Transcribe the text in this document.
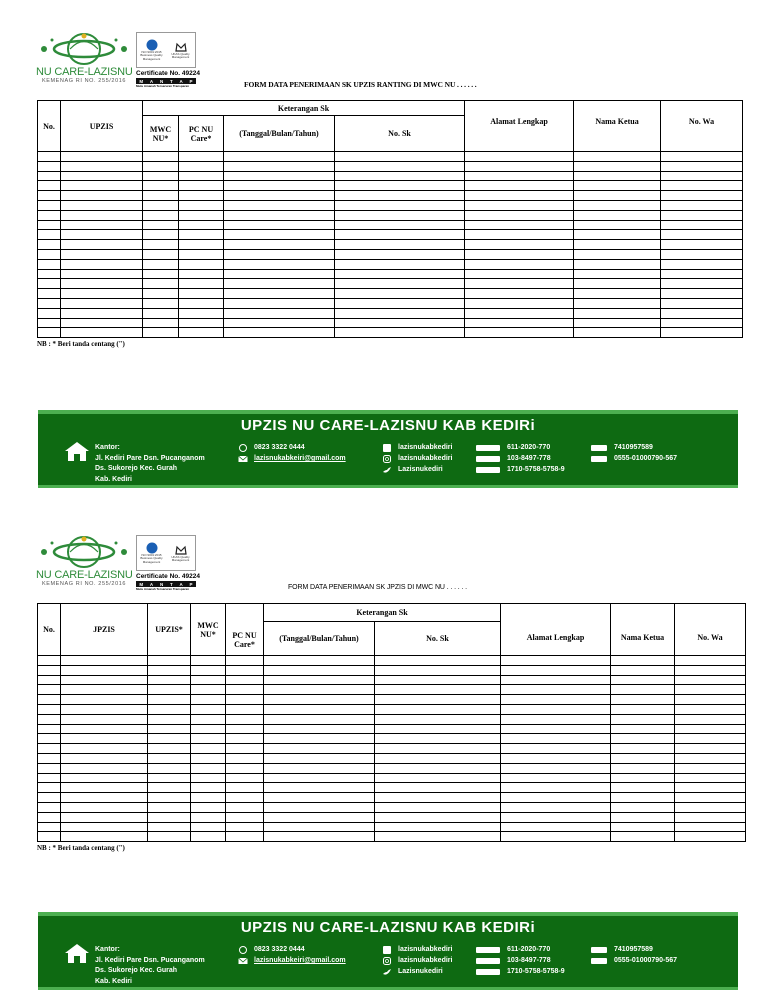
NU CARE-LAZISNU
KEMENAG RI NO. 255/2016
ISO 9001:2015 Business Quality Management
UKAS Quality Management
Certificate No. 49224
M A N T A P
Mutu Amanah Tersaruran Transparan	FORM DATA PENERIMAAN SK UPZIS RANTING DI MWC NU . . . . . .
No.	UPZIS	Keterangan Sk				Alamat Lengkap	Nama Ketua	No. Wa
		MWC NU*	PC NU Care*	(Tanggal/Bulan/Tahun)	No. Sk			

NB : * Beri tanda centang (")
UPZIS NU CARE-LAZISNU KAB KEDIRi
Kantor:
Jl. Kediri Pare Dsn. Pucanganom
Ds. Sukorejo Kec. Gurah
Kab. Kediri
0823 3322 0444
lazisnukabkeiri@gmail.com
lazisnukabkediri
lazisnukabkediri
Lazisnukediri
611-2020-770
103-8497-778
1710-5758-5758-9
7410957589
0555-01000790-567
NU CARE-LAZISNU
KEMENAG RI NO. 255/2016
ISO 9001:2015 Business Quality Management
UKAS Quality Management
Certificate No. 49224
M A N T A P
Mutu Amanah Tersaruran Transparan	FORM DATA PENERIMAAN SK JPZIS DI MWC NU . . . . . .
No.	JPZIS	UPZIS*	MWC NU*	PC NU Care*	Keterangan Sk		Alamat Lengkap	Nama Ketua	No. Wa
					(Tanggal/Bulan/Tahun)	No. Sk			

NB : * Beri tanda centang (")
UPZIS NU CARE-LAZISNU KAB KEDIRi
Kantor:
Jl. Kediri Pare Dsn. Pucanganom
Ds. Sukorejo Kec. Gurah
Kab. Kediri
0823 3322 0444
lazisnukabkeiri@gmail.com
lazisnukabkediri
lazisnukabkediri
Lazisnukediri
611-2020-770
103-8497-778
1710-5758-5758-9
7410957589
0555-01000790-567
